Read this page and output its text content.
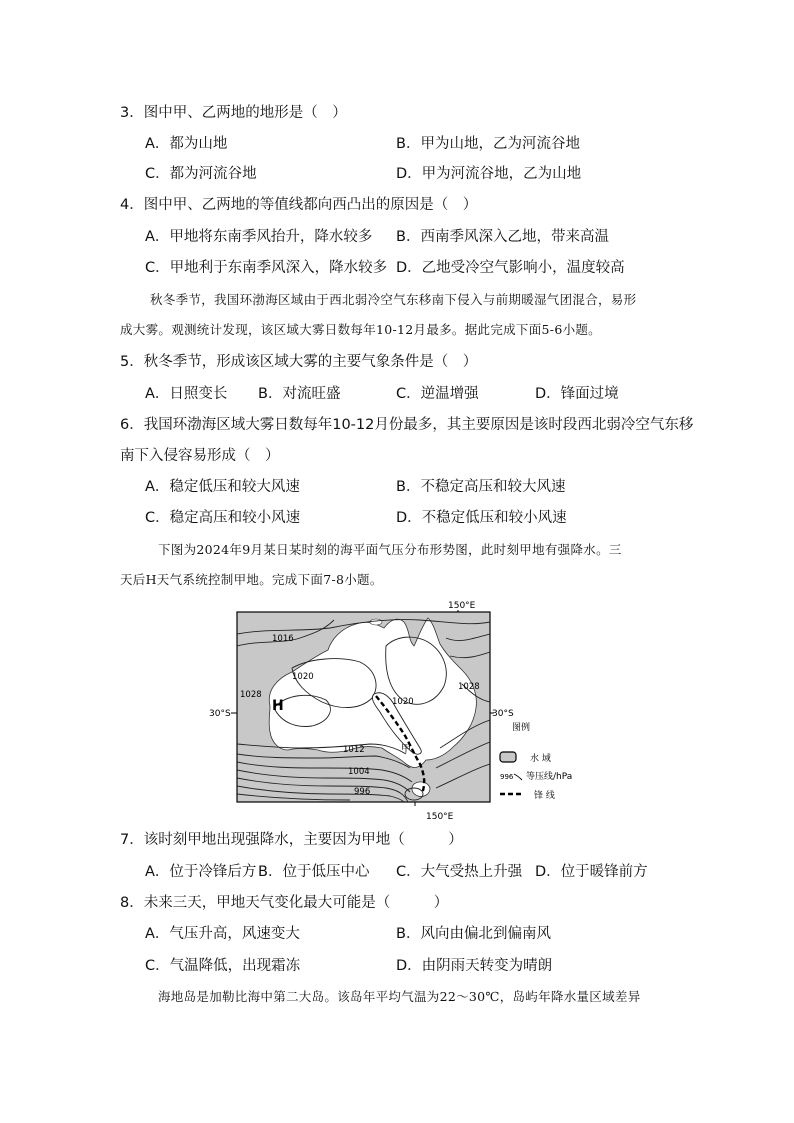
3．图中甲、乙两地的地形是（　）
A．都为山地	B．甲为山地，乙为河流谷地
C．都为河流谷地	D．甲为河流谷地，乙为山地
4．图中甲、乙两地的等值线都向西凸出的原因是（　）
A．甲地将东南季风抬升，降水较多 B．西南季风深入乙地，带来高温
C．甲地利于东南季风深入，降水较多 D．乙地受冷空气影响小，温度较高
秋冬季节，我国环渤海区域由于西北弱冷空气东移南下侵入与前期暖湿气团混合，易形
成大雾。观测统计发现，该区域大雾日数每年10-12月最多。据此完成下面5-6小题。
5．秋冬季节，形成该区域大雾的主要气象条件是（　）
A．日照变长 B．对流旺盛	C．逆温增强	D．锋面过境
6．我国环渤海区域大雾日数每年10-12月份最多，其主要原因是该时段西北弱冷空气东移
南下入侵容易形成（　）
A．稳定低压和较大风速	B．不稳定高压和较大风速
C．稳定高压和较小风速	D．不稳定低压和较小风速
下图为2024年9月某日某时刻的海平面气压分布形势图，此时刻甲地有强降水。三
天后H天气系统控制甲地。完成下面7-8小题。
150°E
1016
1020
1028
1020
1028
1012
1004
996
H
甲
30°S	30°S
150°E
图例
水 域
996 等压线/hPa
锋 线
7．该时刻甲地出现强降水，主要因为甲地（　　　）
A．位于冷锋后方 B．位于低压中心 C．大气受热上升强 D．位于暖锋前方
8．未来三天，甲地天气变化最大可能是（　　　）
A．气压升高，风速变大	B．风向由偏北到偏南风
C．气温降低，出现霜冻	D．由阴雨天转变为晴朗
海地岛是加勒比海中第二大岛。该岛年平均气温为22～30℃，岛屿年降水量区域差异
